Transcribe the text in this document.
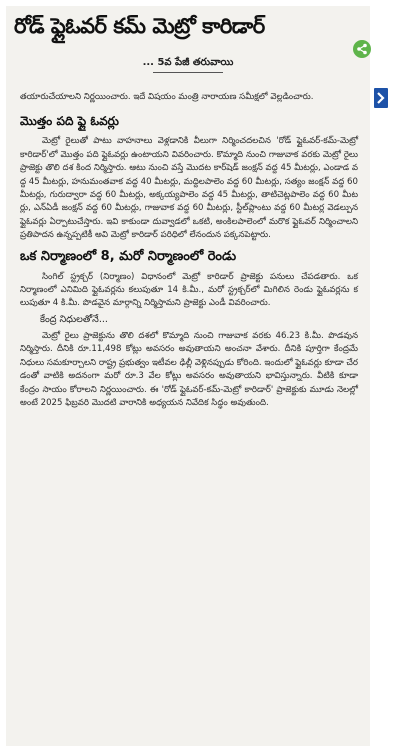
రోడ్ ఫ్లైఓవర్ కమ్ మెట్రో కారిడార్
... 5వ పేజీ తరువాయి

తయారుచేయాలని నిర్ణయించారు. ఇదే విషయం మంత్రి నారాయణ సమీక్షలో వెల్లడించారు.

మొత్తం పది ఫ్లై ఓవర్లు

మెట్రో రైలుతో పాటు వాహనాలు వెళ్లడానికి వీలుగా నిర్మించదలచిన 'రోడ్ ఫ్లైఓవర్-కమ్-మెట్రో కారిడార్'లో మొత్తం పది ఫ్లైఓవర్లు ఉంటాయని వివరించారు. కొమ్మాది నుంచి గాజువాక వరకు మెట్రో రైలు ప్రాజెక్టు తొలి దశ కింద నిర్మిస్తారు. ఆటు నుంచి వస్తే మొదట కార్‌షెడ్ జంక్షన్ వద్ద 45 మీటర్లు, ఎండాడ వద్ద 45 మీటర్లు, హనుమంతవాక వద్ద 40 మీటర్లు, మద్దిలపాలెం వద్ద 60 మీటర్లు, సత్యం జంక్షన్ వద్ద 60 మీటర్లు, గురుద్వారా వద్ద 60 మీటర్లు, అక్కయ్యపాలెం వద్ద 45 మీటర్లు, తాటిచెట్లపాలెం వద్ద 60 మీటర్లు, ఎన్ఏడీ జంక్షన్ వద్ద 60 మీటర్లు, గాజువాక వద్ద 60 మీటర్లు, స్టీల్‌ప్లాంటు వద్ద 60 మీటర్ల వెడల్పున ఫ్లైఓవర్లు ఏర్పాటుచేస్తారు. ఇవి కాకుండా దువ్వాడలో ఒకటి, అంకిలపాలెంలో మరొక ఫ్లైఓవర్ నిర్మించాలని ప్రతిపాదన ఉన్నప్పటికీ అవి మెట్రో కారిడార్ పరిధిలో లేనందున పక్కనపెట్టారు.

ఒక నిర్మాణంలో 8, మరో నిర్మాణంలో రెండు

సింగిల్ స్ట్రక్చర్ (నిర్మాణం) విధానంలో మెట్రో కారిడార్ ప్రాజెక్టు పనులు చేపడతారు. ఒక నిర్మాణంలో ఎనిమిది ఫ్లైఓవర్లను కలుపుతూ 14 కి.మీ., మరో స్ట్రక్చర్‌లో మిగిలిన రెండు ఫ్లైఓవర్లను కలుపుతూ 4 కి.మీ. పొడవైన మార్గాన్ని నిర్మిస్తామని ప్రాజెక్టు ఎండీ వివరించారు.

కేంద్ర నిధులతోనే...

మెట్రో రైలు ప్రాజెక్టును తొలి దశలో కొమ్మాది నుంచి గాజువాక వరకు 46.23 కి.మీ. పొడవున నిర్మిస్తారు. దీనికి రూ.11,498 కోట్లు అవసరం అవుతాయని అంచనా వేశారు. దీనికి పూర్తిగా కేంద్రమే నిధులు సమకూర్చాలని రాష్ట్ర ప్రభుత్వం ఇటీవల ఢిల్లీ వెళ్లినప్పుడు కోరింది. ఇందులో ఫ్లైఓవర్లు కూడా చేరడంతో వాటికి అదనంగా మరో రూ.3 వేల కోట్లు అవసరం అవుతాయని భావిస్తున్నారు. వీటికి కూడా కేంద్రం సాయం కోరాలని నిర్ణయించారు. ఈ 'రోడ్ ఫ్లైఓవర్-కమ్-మెట్రో కారిడార్' ప్రాజెక్టుకు మూడు నెలల్లో అంటే 2025 ఫిబ్రవరి మొదటి వారానికి అధ్యయన నివేదిక సిద్ధం అవుతుంది.
